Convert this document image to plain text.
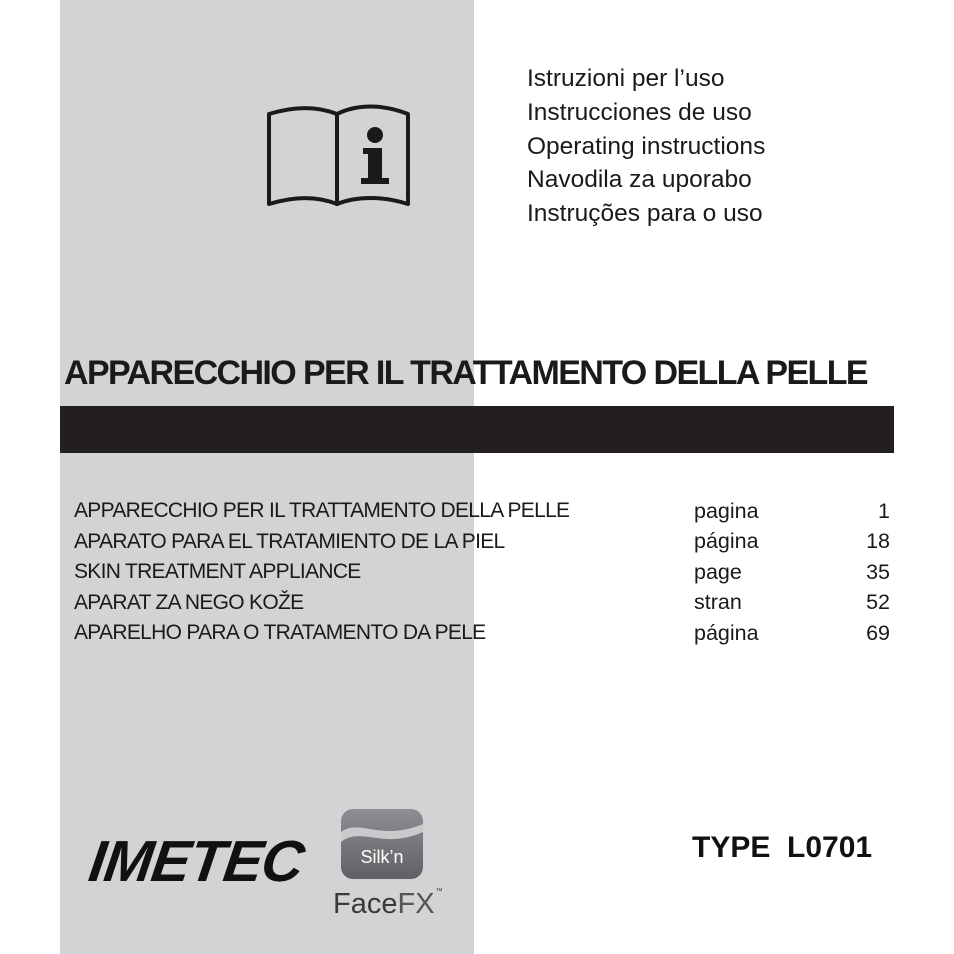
Istruzioni per l’uso
Instrucciones de uso
Operating instructions
Navodila za uporabo
Instruções para o uso
APPARECCHIO PER IL TRATTAMENTO DELLA PELLE
APPARECCHIO PER IL TRATTAMENTO DELLA PELLE	pagina	1
APARATO PARA EL TRATAMIENTO DE LA PIEL	página	18
SKIN TREATMENT APPLIANCE	page	35
APARAT ZA NEGO KOŽE	stran	52
APARELHO PARA O TRATAMENTO DA PELE	página	69
IMETEC	Silk’n
FaceFX™
TYPE  L0701
